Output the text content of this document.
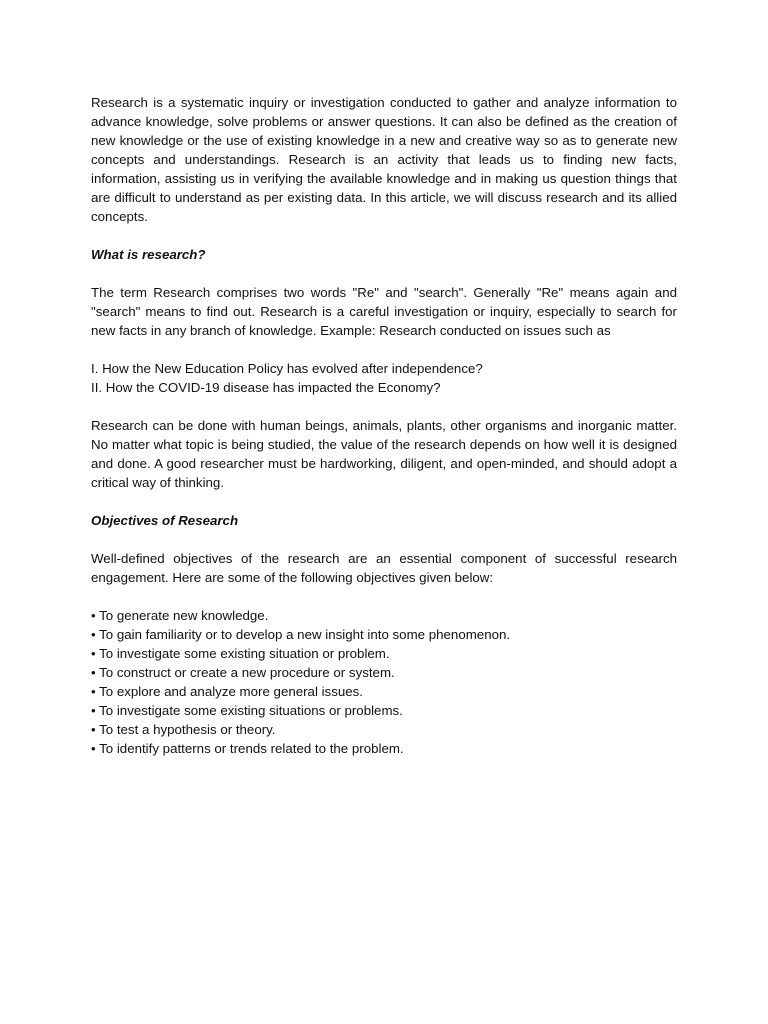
Research is a systematic inquiry or investigation conducted to gather and analyze information to advance knowledge, solve problems or answer questions. It can also be defined as the creation of new knowledge or the use of existing knowledge in a new and creative way so as to generate new concepts and understandings. Research is an activity that leads us to finding new facts, information, assisting us in verifying the available knowledge and in making us question things that are difficult to understand as per existing data. In this article, we will discuss research and its allied concepts.

What is research?

The term Research comprises two words "Re" and "search". Generally "Re" means again and "search" means to find out. Research is a careful investigation or inquiry, especially to search for new facts in any branch of knowledge. Example: Research conducted on issues such as

I. How the New Education Policy has evolved after independence?

II. How the COVID-19 disease has impacted the Economy?

Research can be done with human beings, animals, plants, other organisms and inorganic matter. No matter what topic is being studied, the value of the research depends on how well it is designed and done. A good researcher must be hardworking, diligent, and open-minded, and should adopt a critical way of thinking.

Objectives of Research

Well-defined objectives of the research are an essential component of successful research engagement. Here are some of the following objectives given below:

• To generate new knowledge.

• To gain familiarity or to develop a new insight into some phenomenon.

• To investigate some existing situation or problem.

• To construct or create a new procedure or system.

• To explore and analyze more general issues.

• To investigate some existing situations or problems.

• To test a hypothesis or theory.

• To identify patterns or trends related to the problem.
